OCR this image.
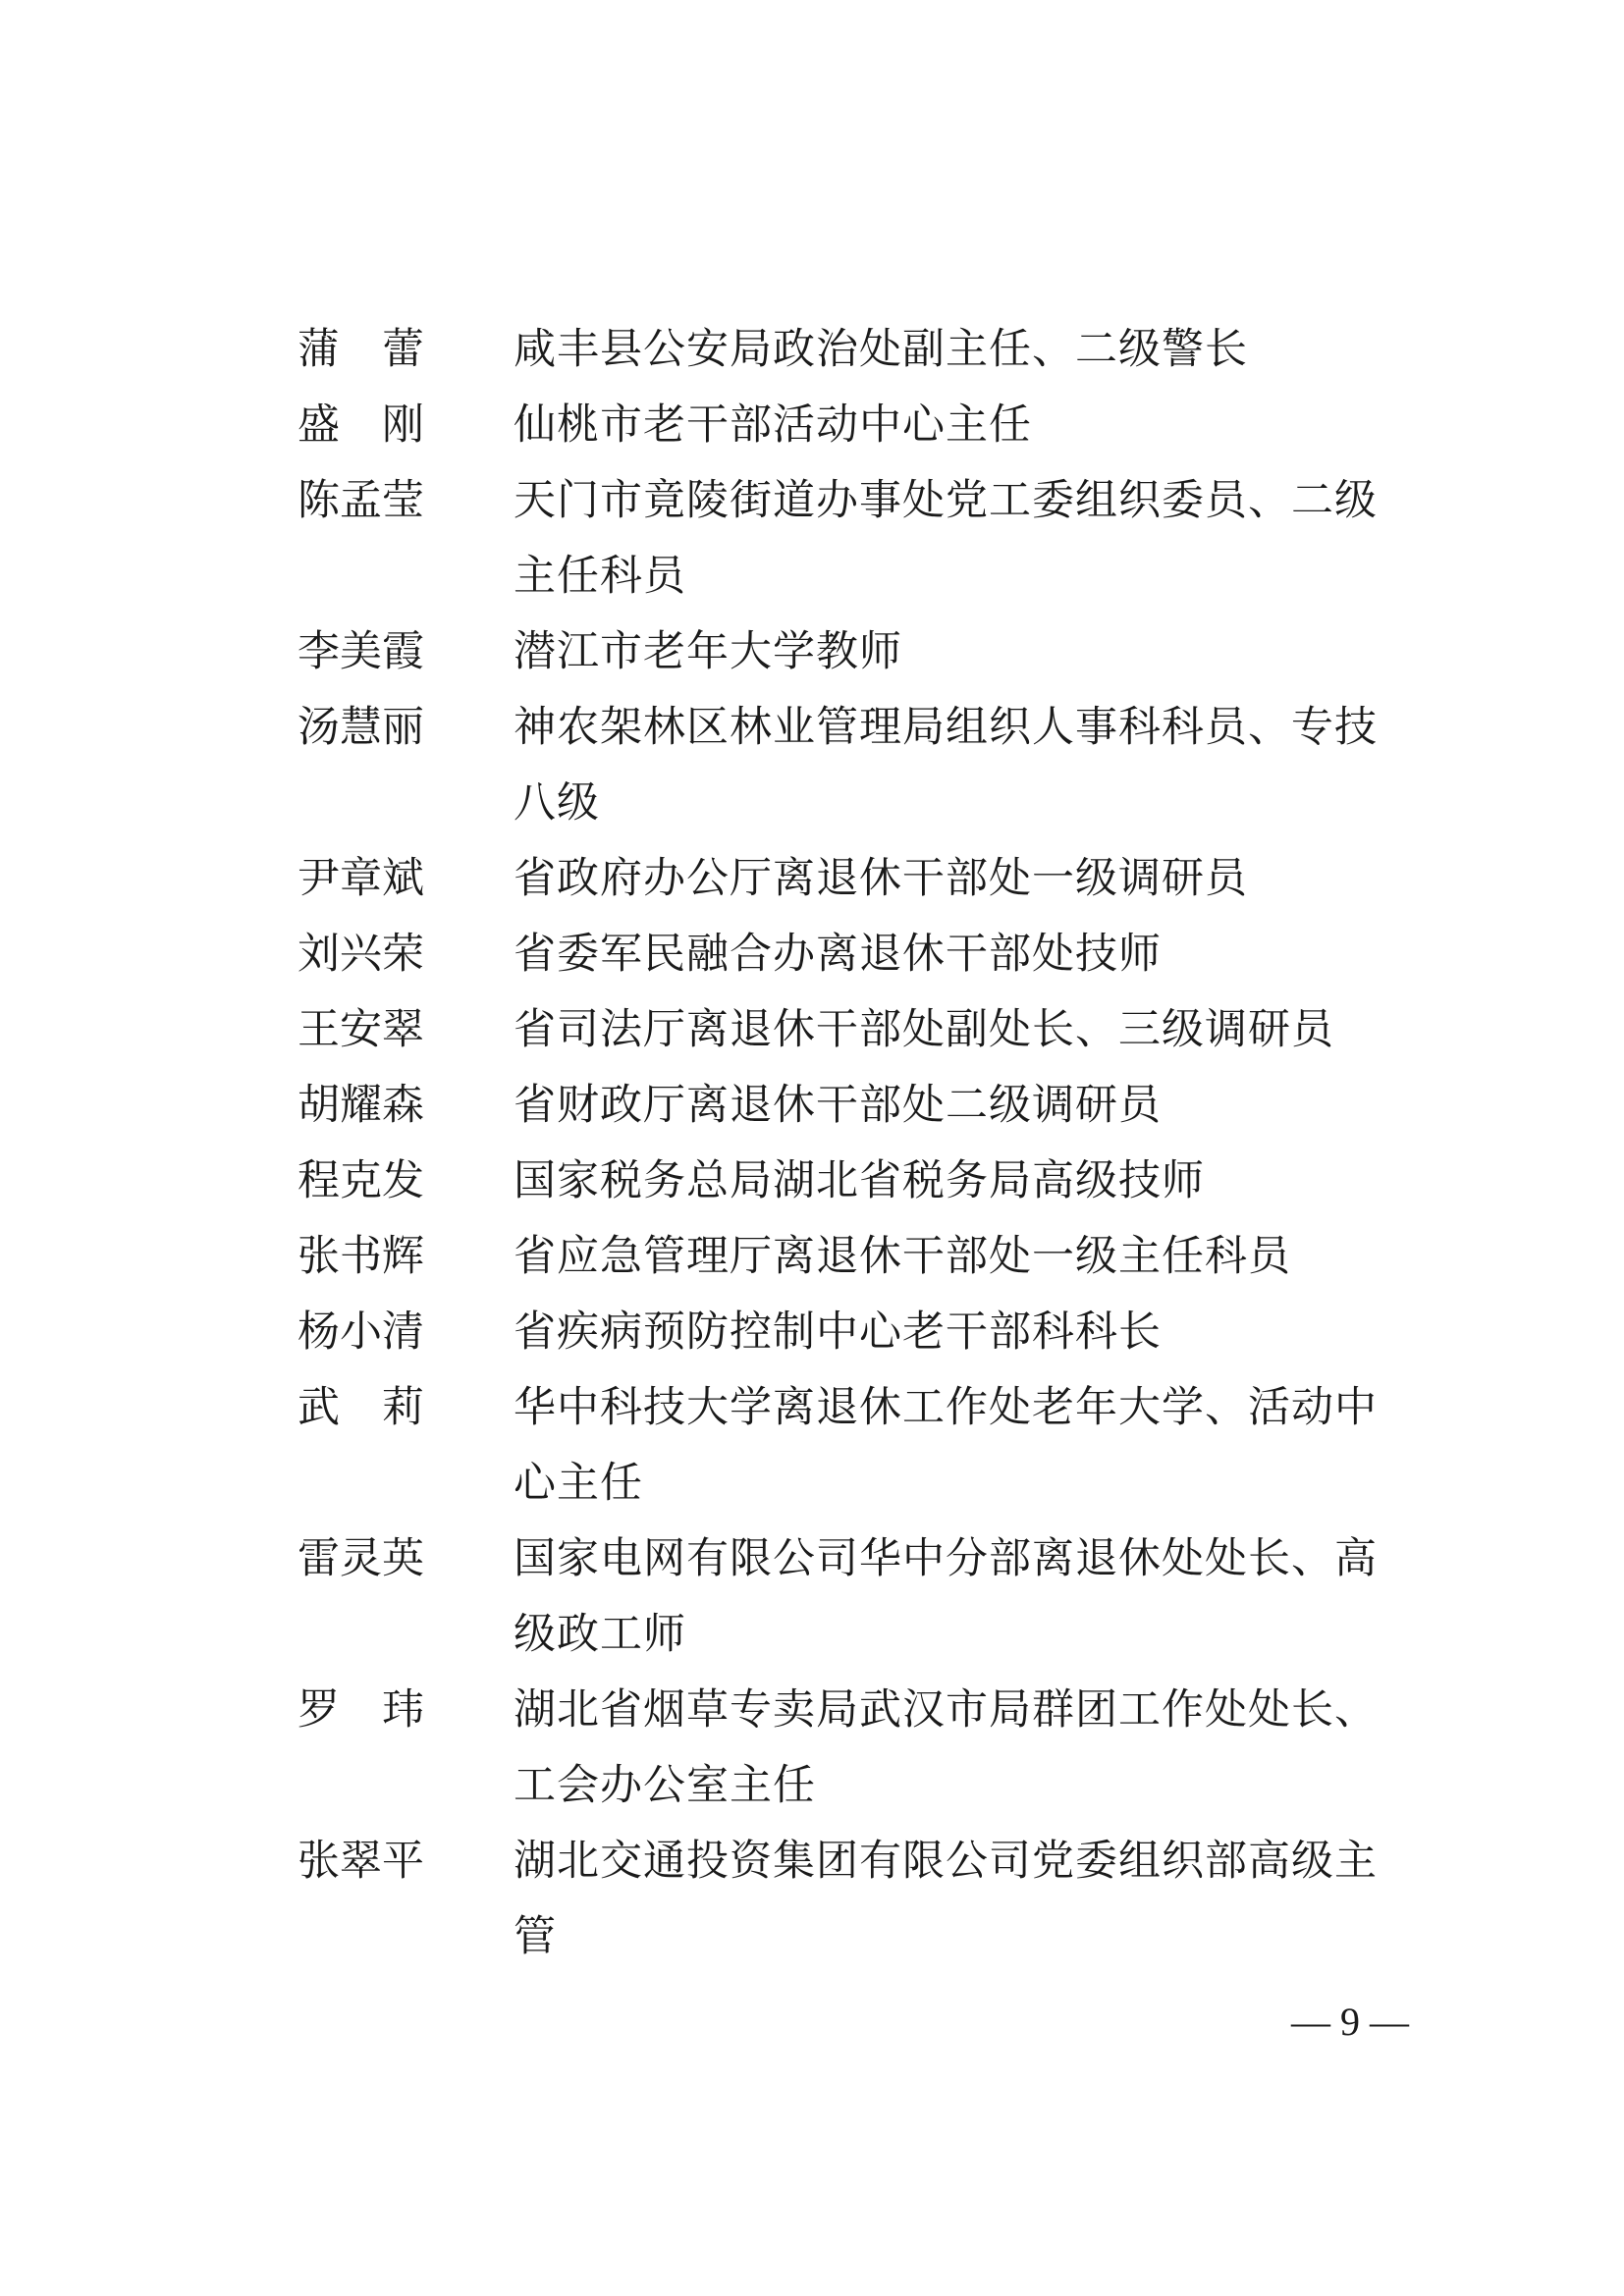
蒲蕾	咸丰县公安局政治处副主任、二级警长
盛刚	仙桃市老干部活动中心主任
陈孟莹	天门市竟陵街道办事处党工委组织委员、二级主任科员
李美霞	潜江市老年大学教师
汤慧丽	神农架林区林业管理局组织人事科科员、专技八级
尹章斌	省政府办公厅离退休干部处一级调研员
刘兴荣	省委军民融合办离退休干部处技师
王安翠	省司法厅离退休干部处副处长、三级调研员
胡耀森	省财政厅离退休干部处二级调研员
程克发	国家税务总局湖北省税务局高级技师
张书辉	省应急管理厅离退休干部处一级主任科员
杨小清	省疾病预防控制中心老干部科科长
武莉	华中科技大学离退休工作处老年大学、活动中心主任
雷灵英	国家电网有限公司华中分部离退休处处长、高级政工师
罗玮	湖北省烟草专卖局武汉市局群团工作处处长、工会办公室主任
张翠平	湖北交通投资集团有限公司党委组织部高级主管
— 9 —
